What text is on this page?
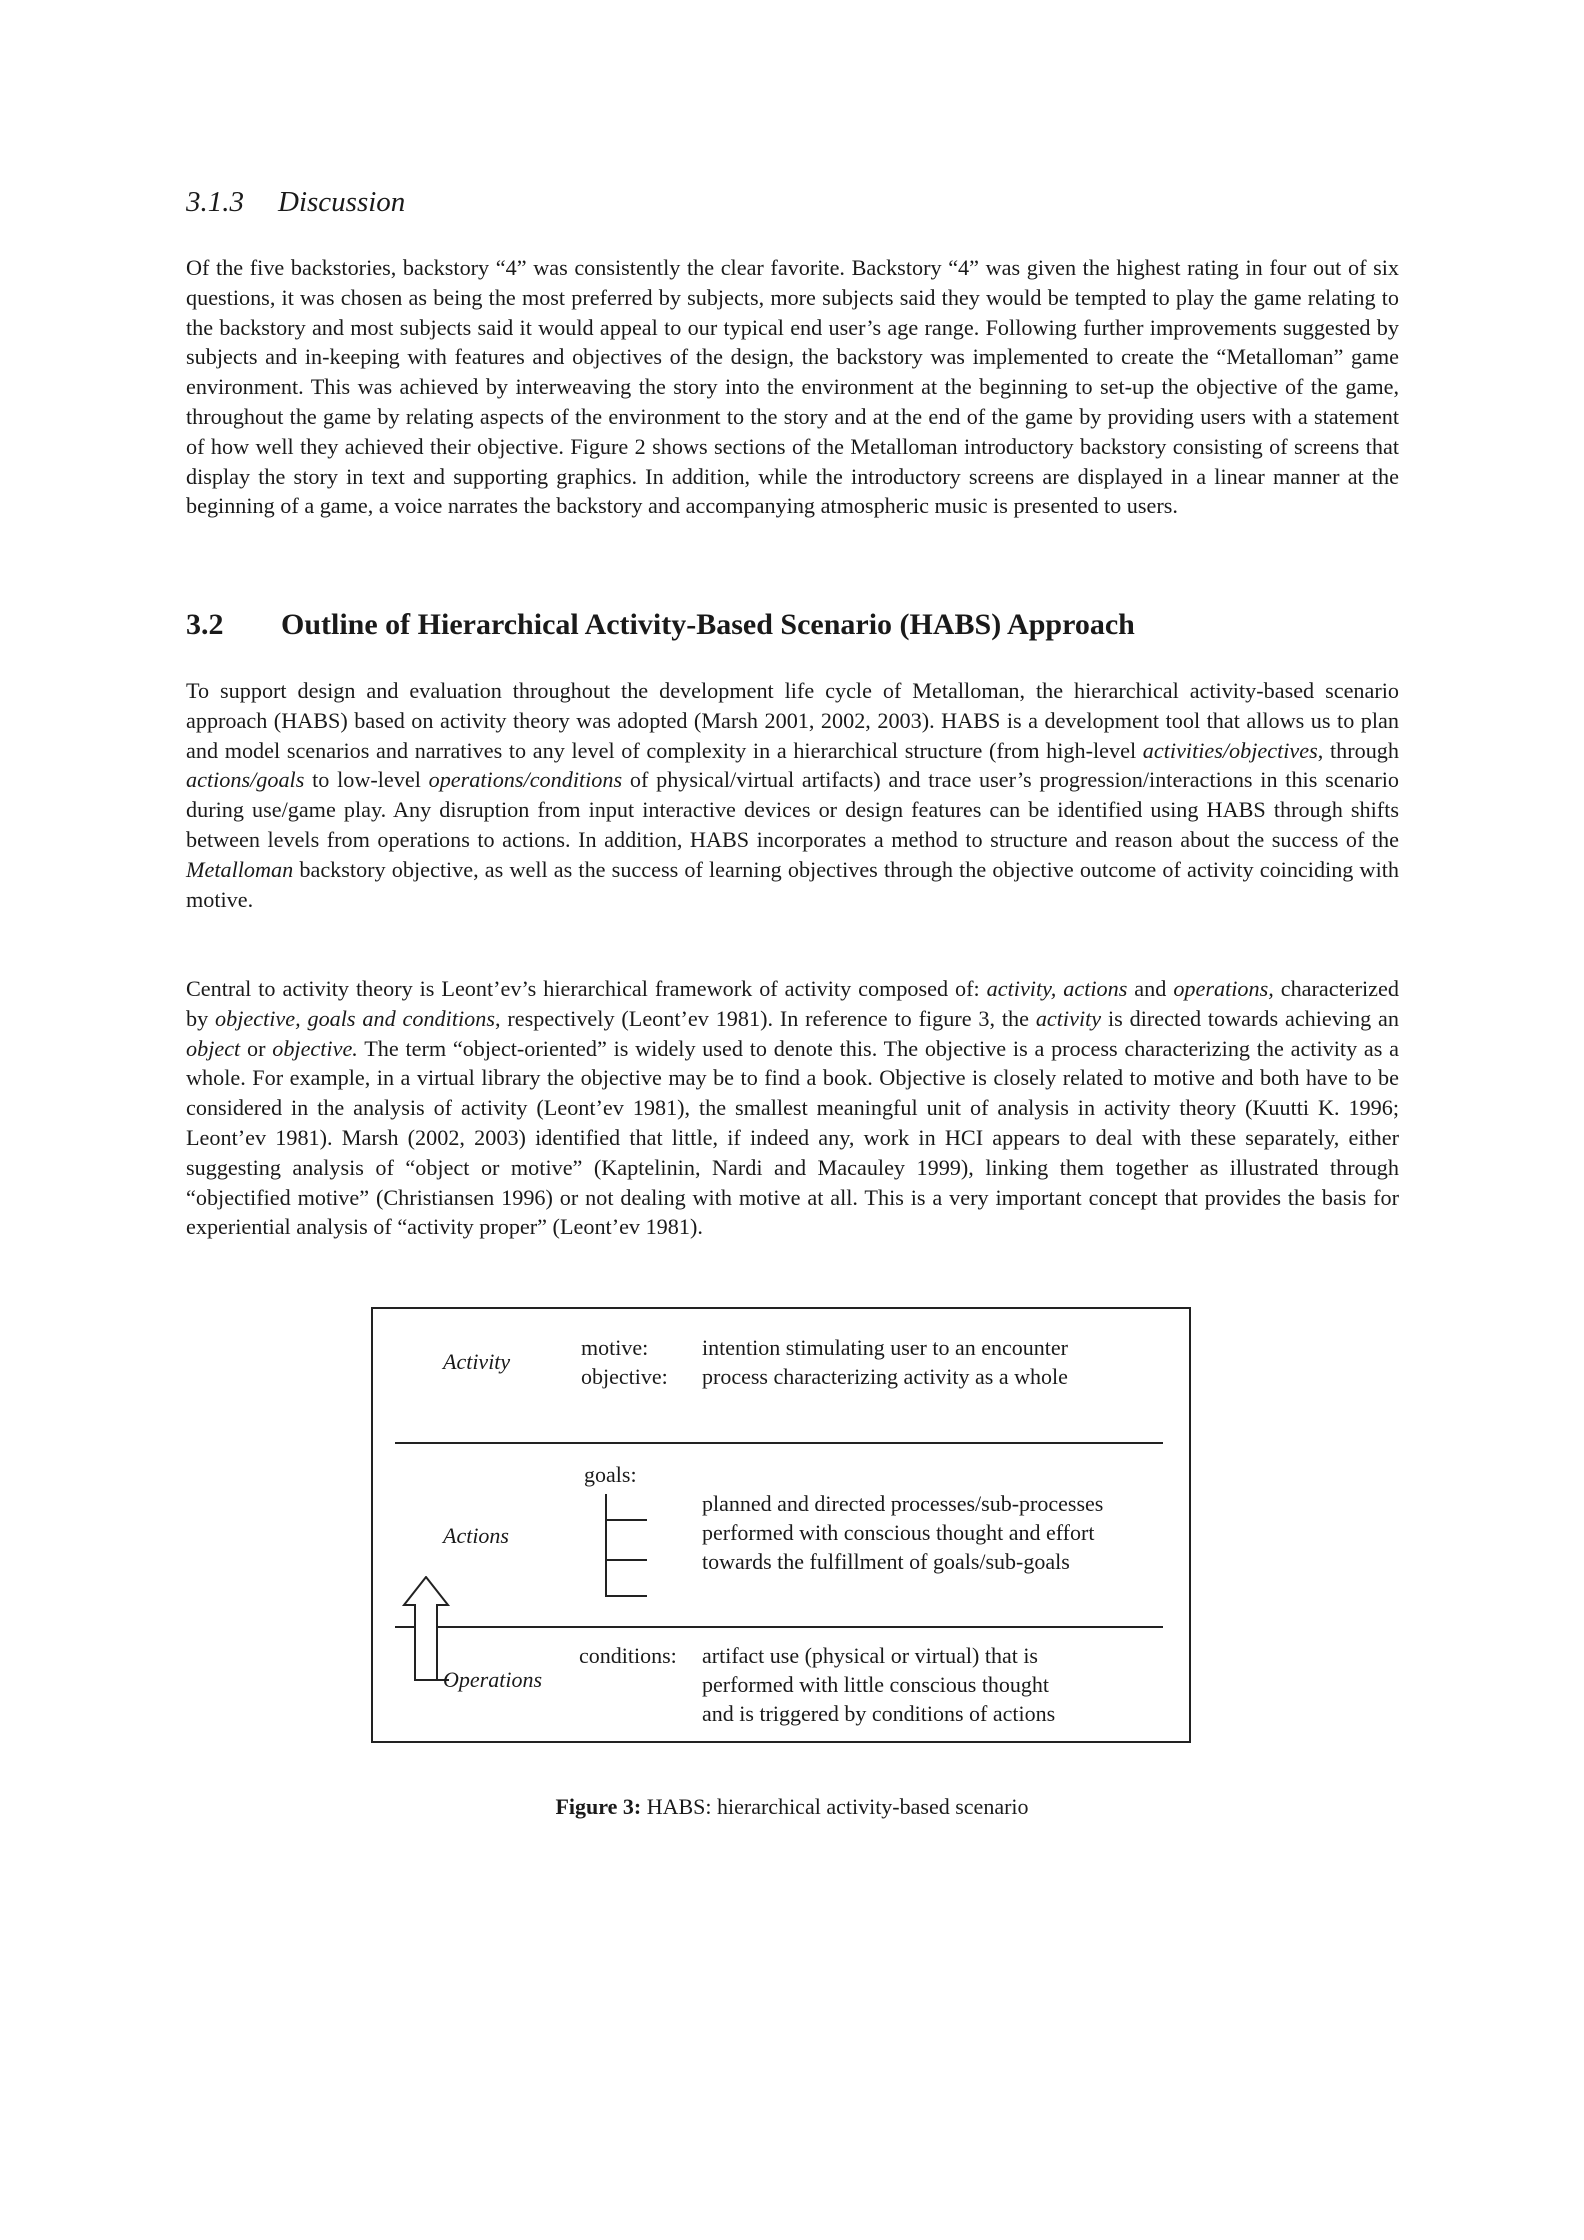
3.1.3 Discussion

Of the five backstories, backstory “4” was consistently the clear favorite. Backstory “4” was given the highest rating in four out of six questions, it was chosen as being the most preferred by subjects, more subjects said they would be tempted to play the game relating to the backstory and most subjects said it would appeal to our typical end user’s age range. Following further improvements suggested by subjects and in-keeping with features and objectives of the design, the backstory was implemented to create the “Metalloman” game environment. This was achieved by interweaving the story into the environment at the beginning to set-up the objective of the game, throughout the game by relating aspects of the environment to the story and at the end of the game by providing users with a statement of how well they achieved their objective. Figure 2 shows sections of the Metalloman introductory backstory consisting of screens that display the story in text and supporting graphics. In addition, while the introductory screens are displayed in a linear manner at the beginning of a game, a voice narrates the backstory and accompanying atmospheric music is presented to users.

3.2 Outline of Hierarchical Activity-Based Scenario (HABS) Approach

To support design and evaluation throughout the development life cycle of Metalloman, the hierarchical activity-based scenario approach (HABS) based on activity theory was adopted (Marsh 2001, 2002, 2003). HABS is a development tool that allows us to plan and model scenarios and narratives to any level of complexity in a hierarchical structure (from high-level activities/objectives, through actions/goals to low-level operations/conditions of physical/virtual artifacts) and trace user’s progression/interactions in this scenario during use/game play. Any disruption from input interactive devices or design features can be identified using HABS through shifts between levels from operations to actions. In addition, HABS incorporates a method to structure and reason about the success of the Metalloman backstory objective, as well as the success of learning objectives through the objective outcome of activity coinciding with motive.

Central to activity theory is Leont’ev’s hierarchical framework of activity composed of: activity, actions and operations, characterized by objective, goals and conditions, respectively (Leont’ev 1981). In reference to figure 3, the activity is directed towards achieving an object or objective. The term “object-oriented” is widely used to denote this. The objective is a process characterizing the activity as a whole. For example, in a virtual library the objective may be to find a book. Objective is closely related to motive and both have to be considered in the analysis of activity (Leont’ev 1981), the smallest meaningful unit of analysis in activity theory (Kuutti K. 1996; Leont’ev 1981). Marsh (2002, 2003) identified that little, if indeed any, work in HCI appears to deal with these separately, either suggesting analysis of “object or motive” (Kaptelinin, Nardi and Macauley 1999), linking them together as illustrated through “objectified motive” (Christiansen 1996) or not dealing with motive at all. This is a very important concept that provides the basis for experiential analysis of “activity proper” (Leont’ev 1981).

Activity
motive: intention stimulating user to an encounter
objective: process characterizing activity as a whole
goals:
Actions
planned and directed processes/sub-processes
performed with conscious thought and effort
towards the fulfillment of goals/sub-goals
Operations
conditions: artifact use (physical or virtual) that is
performed with little conscious thought
and is triggered by conditions of actions
Figure 3: HABS: hierarchical activity-based scenario
